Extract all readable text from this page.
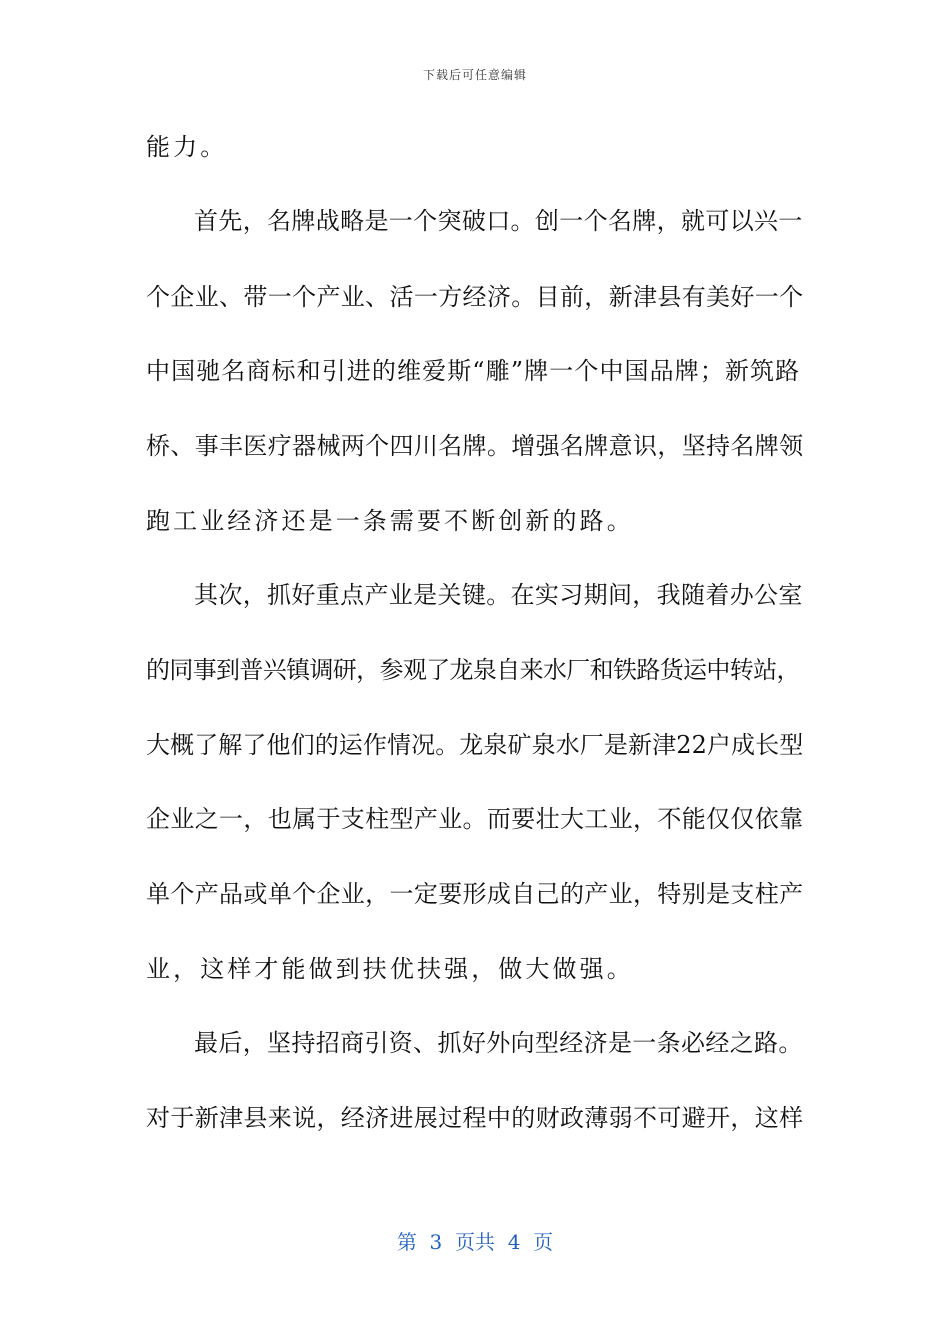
下载后可任意编辑
能力。
首先，名牌战略是一个突破口。创一个名牌，就可以兴一
个企业、带一个产业、活一方经济。目前，新津县有美好一个
中国驰名商标和引进的维爱斯“雕”牌一个中国品牌；新筑路
桥、事丰医疗器械两个四川名牌。增强名牌意识，坚持名牌领
跑工业经济还是一条需要不断创新的路。
其次，抓好重点产业是关键。在实习期间，我随着办公室
的同事到普兴镇调研，参观了龙泉自来水厂和铁路货运中转站，
大概了解了他们的运作情况。龙泉矿泉水厂是新津22户成长型
企业之一，也属于支柱型产业。而要壮大工业，不能仅仅依靠
单个产品或单个企业，一定要形成自己的产业，特别是支柱产
业，这样才能做到扶优扶强，做大做强。
最后，坚持招商引资、抓好外向型经济是一条必经之路。
对于新津县来说，经济进展过程中的财政薄弱不可避开，这样
第  3  页共  4  页
